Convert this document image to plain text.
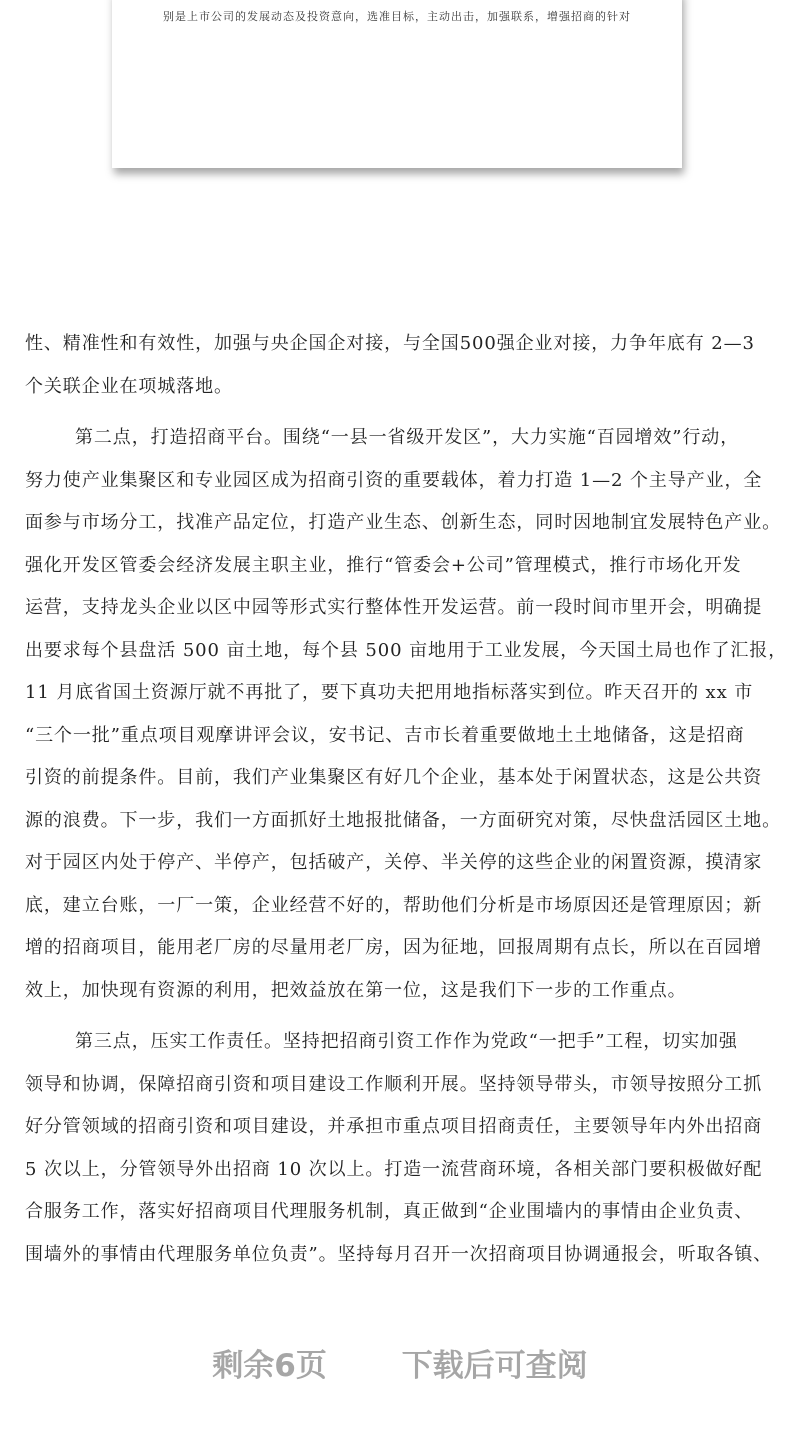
别是上市公司的发展动态及投资意向，选准目标，主动出击，加强联系，增强招商的针对
性、精准性和有效性，加强与央企国企对接，与全国500强企业对接，力争年底有 2—3
个关联企业在项城落地。
第二点，打造招商平台。围绕“一县一省级开发区”，大力实施“百园增效”行动，
努力使产业集聚区和专业园区成为招商引资的重要载体，着力打造 1—2 个主导产业，全
面参与市场分工，找准产品定位，打造产业生态、创新生态，同时因地制宜发展特色产业。
强化开发区管委会经济发展主职主业，推行“管委会+公司”管理模式，推行市场化开发
运营，支持龙头企业以区中园等形式实行整体性开发运营。前一段时间市里开会，明确提
出要求每个县盘活 500 亩土地，每个县 500 亩地用于工业发展，今天国土局也作了汇报，
11 月底省国土资源厅就不再批了，要下真功夫把用地指标落实到位。昨天召开的 xx 市
“三个一批”重点项目观摩讲评会议，安书记、吉市长着重要做地土土地储备，这是招商
引资的前提条件。目前，我们产业集聚区有好几个企业，基本处于闲置状态，这是公共资
源的浪费。下一步，我们一方面抓好土地报批储备，一方面研究对策，尽快盘活园区土地。
对于园区内处于停产、半停产，包括破产，关停、半关停的这些企业的闲置资源，摸清家
底，建立台账，一厂一策，企业经营不好的，帮助他们分析是市场原因还是管理原因；新
增的招商项目，能用老厂房的尽量用老厂房，因为征地，回报周期有点长，所以在百园增
效上，加快现有资源的利用，把效益放在第一位，这是我们下一步的工作重点。
第三点，压实工作责任。坚持把招商引资工作作为党政“一把手”工程，切实加强
领导和协调，保障招商引资和项目建设工作顺利开展。坚持领导带头，市领导按照分工抓
好分管领域的招商引资和项目建设，并承担市重点项目招商责任，主要领导年内外出招商
5 次以上，分管领导外出招商 10 次以上。打造一流营商环境，各相关部门要积极做好配
合服务工作，落实好招商项目代理服务机制，真正做到“企业围墙内的事情由企业负责、
围墙外的事情由代理服务单位负责”。坚持每月召开一次招商项目协调通报会，听取各镇、
剩余6页 下载后可查阅
